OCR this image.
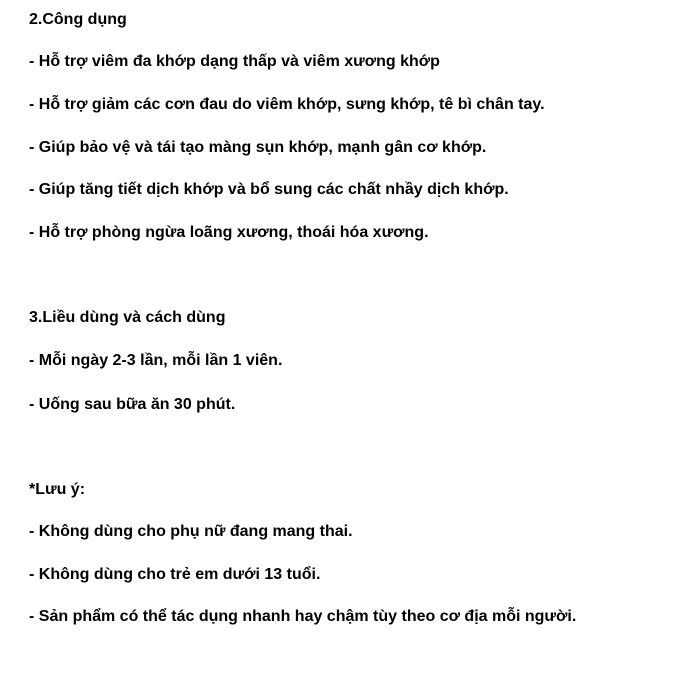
2.Công dụng
- Hỗ trợ viêm đa khớp dạng thấp và viêm xương khớp
- Hỗ trợ giảm các cơn đau do viêm khớp, sưng khớp, tê bì chân tay.
- Giúp bảo vệ và tái tạo màng sụn khớp, mạnh gân cơ khớp.
- Giúp tăng tiết dịch khớp và bổ sung các chất nhầy dịch khớp.
- Hỗ trợ phòng ngừa loãng xương, thoái hóa xương.
3.Liều dùng và cách dùng
- Mỗi ngày 2-3 lần, mỗi lần 1 viên.
- Uống sau bữa ăn 30 phút.
*Lưu ý:
- Không dùng cho phụ nữ đang mang thai.
- Không dùng cho trẻ em dưới 13 tuổi.
- Sản phẩm có thể tác dụng nhanh hay chậm tùy theo cơ địa mỗi người.
